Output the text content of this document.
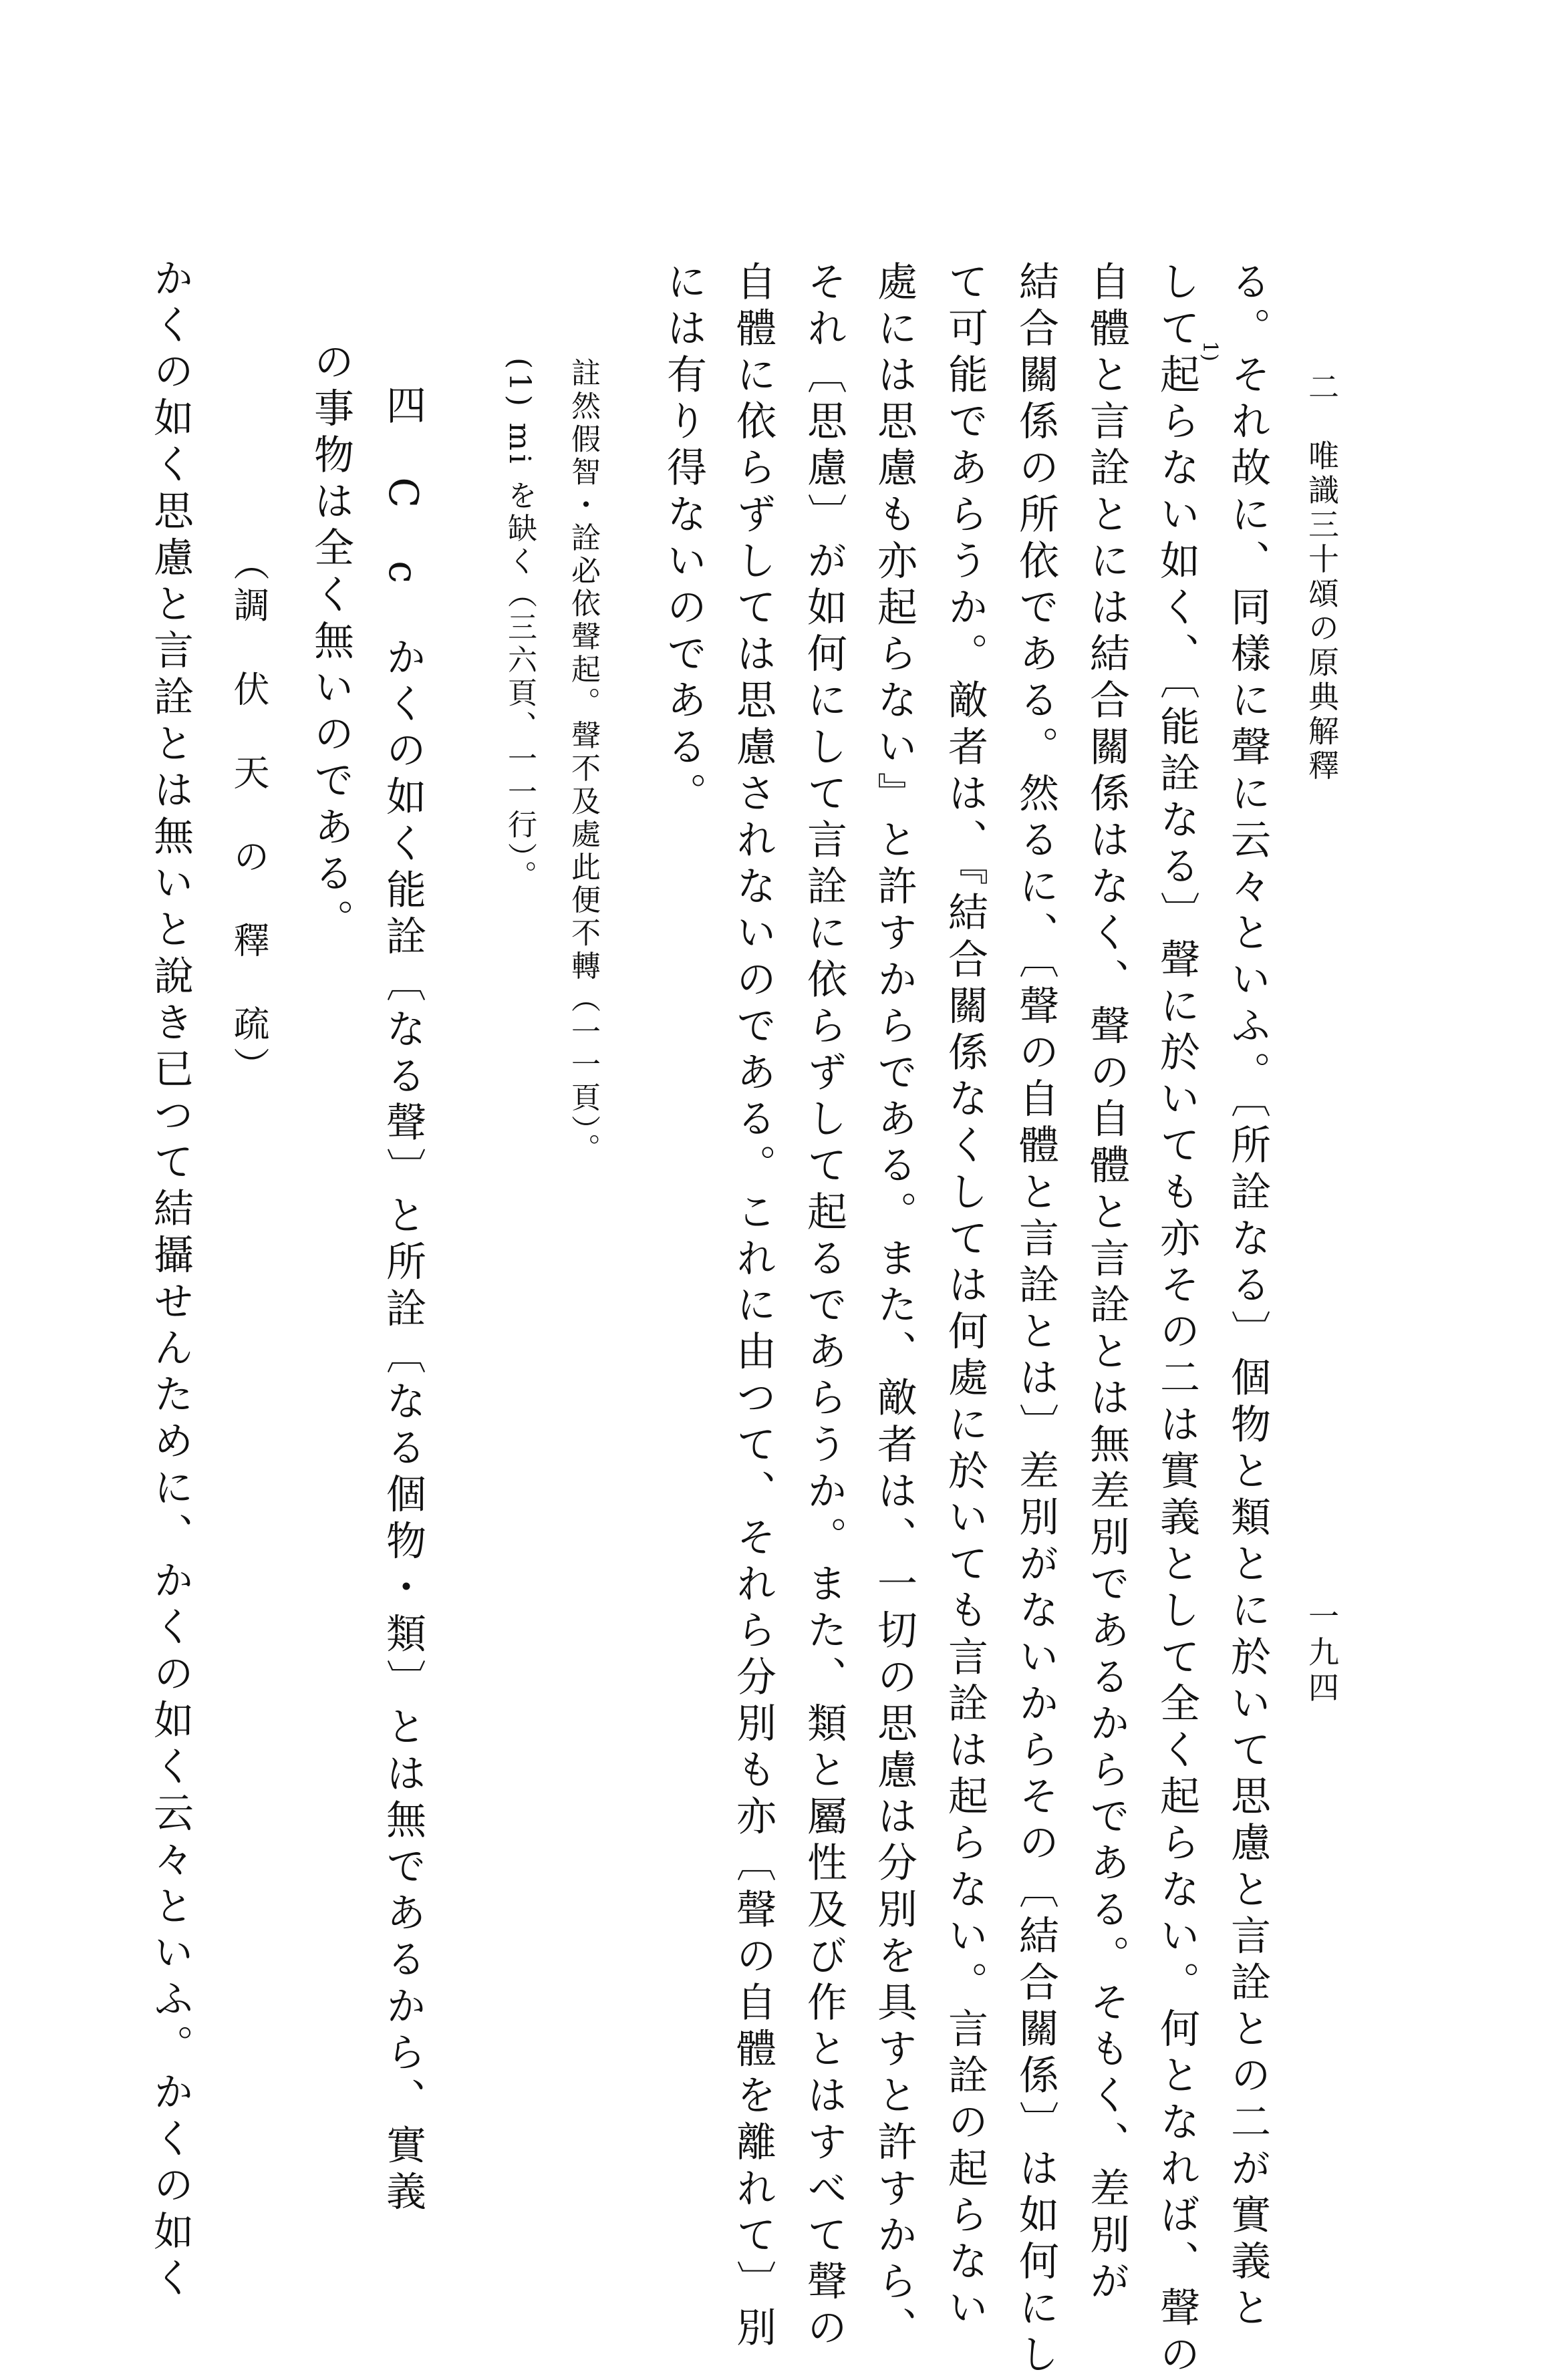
二　唯識三十頌の原典解釋
一九四
る。それ故に、同樣に聲に云々といふ。〔所詮なる〕個物と類とに於いて思慮と言詮との二が實義と
して起らない如く、〔能詮なる〕聲に於いても亦その二は實義として全く起らない。何となれば、聲の
1)
自體と言詮とには結合關係はなく、聲の自體と言詮とは無差別であるからである。そもく、差別が
結合關係の所依である。然るに、〔聲の自體と言詮とは〕差別がないからその〔結合關係〕は如何にし
て可能であらうか。敵者は、『結合關係なくしては何處に於いても言詮は起らない。言詮の起らない
處には思慮も亦起らない』と許すからである。また、敵者は、一切の思慮は分別を具すと許すから、
それ〔思慮〕が如何にして言詮に依らずして起るであらうか。また、類と屬性及び作とはすべて聲の
自體に依らずしては思慮されないのである。これに由つて、それら分別も亦〔聲の自體を離れて〕別
には有り得ないのである。
註然假智・詮必依聲起。聲不及處此便不轉（一一頁）。
(1) mi を缺く（三六頁、一一行）。
四　C　c　かくの如く能詮〔なる聲〕と所詮〔なる個物・類〕とは無であるから、實義
の事物は全く無いのである。
（調　伏　天　の　釋　疏）
かくの如く思慮と言詮とは無いと說き已つて結攝せんために、かくの如く云々といふ。かくの如く
